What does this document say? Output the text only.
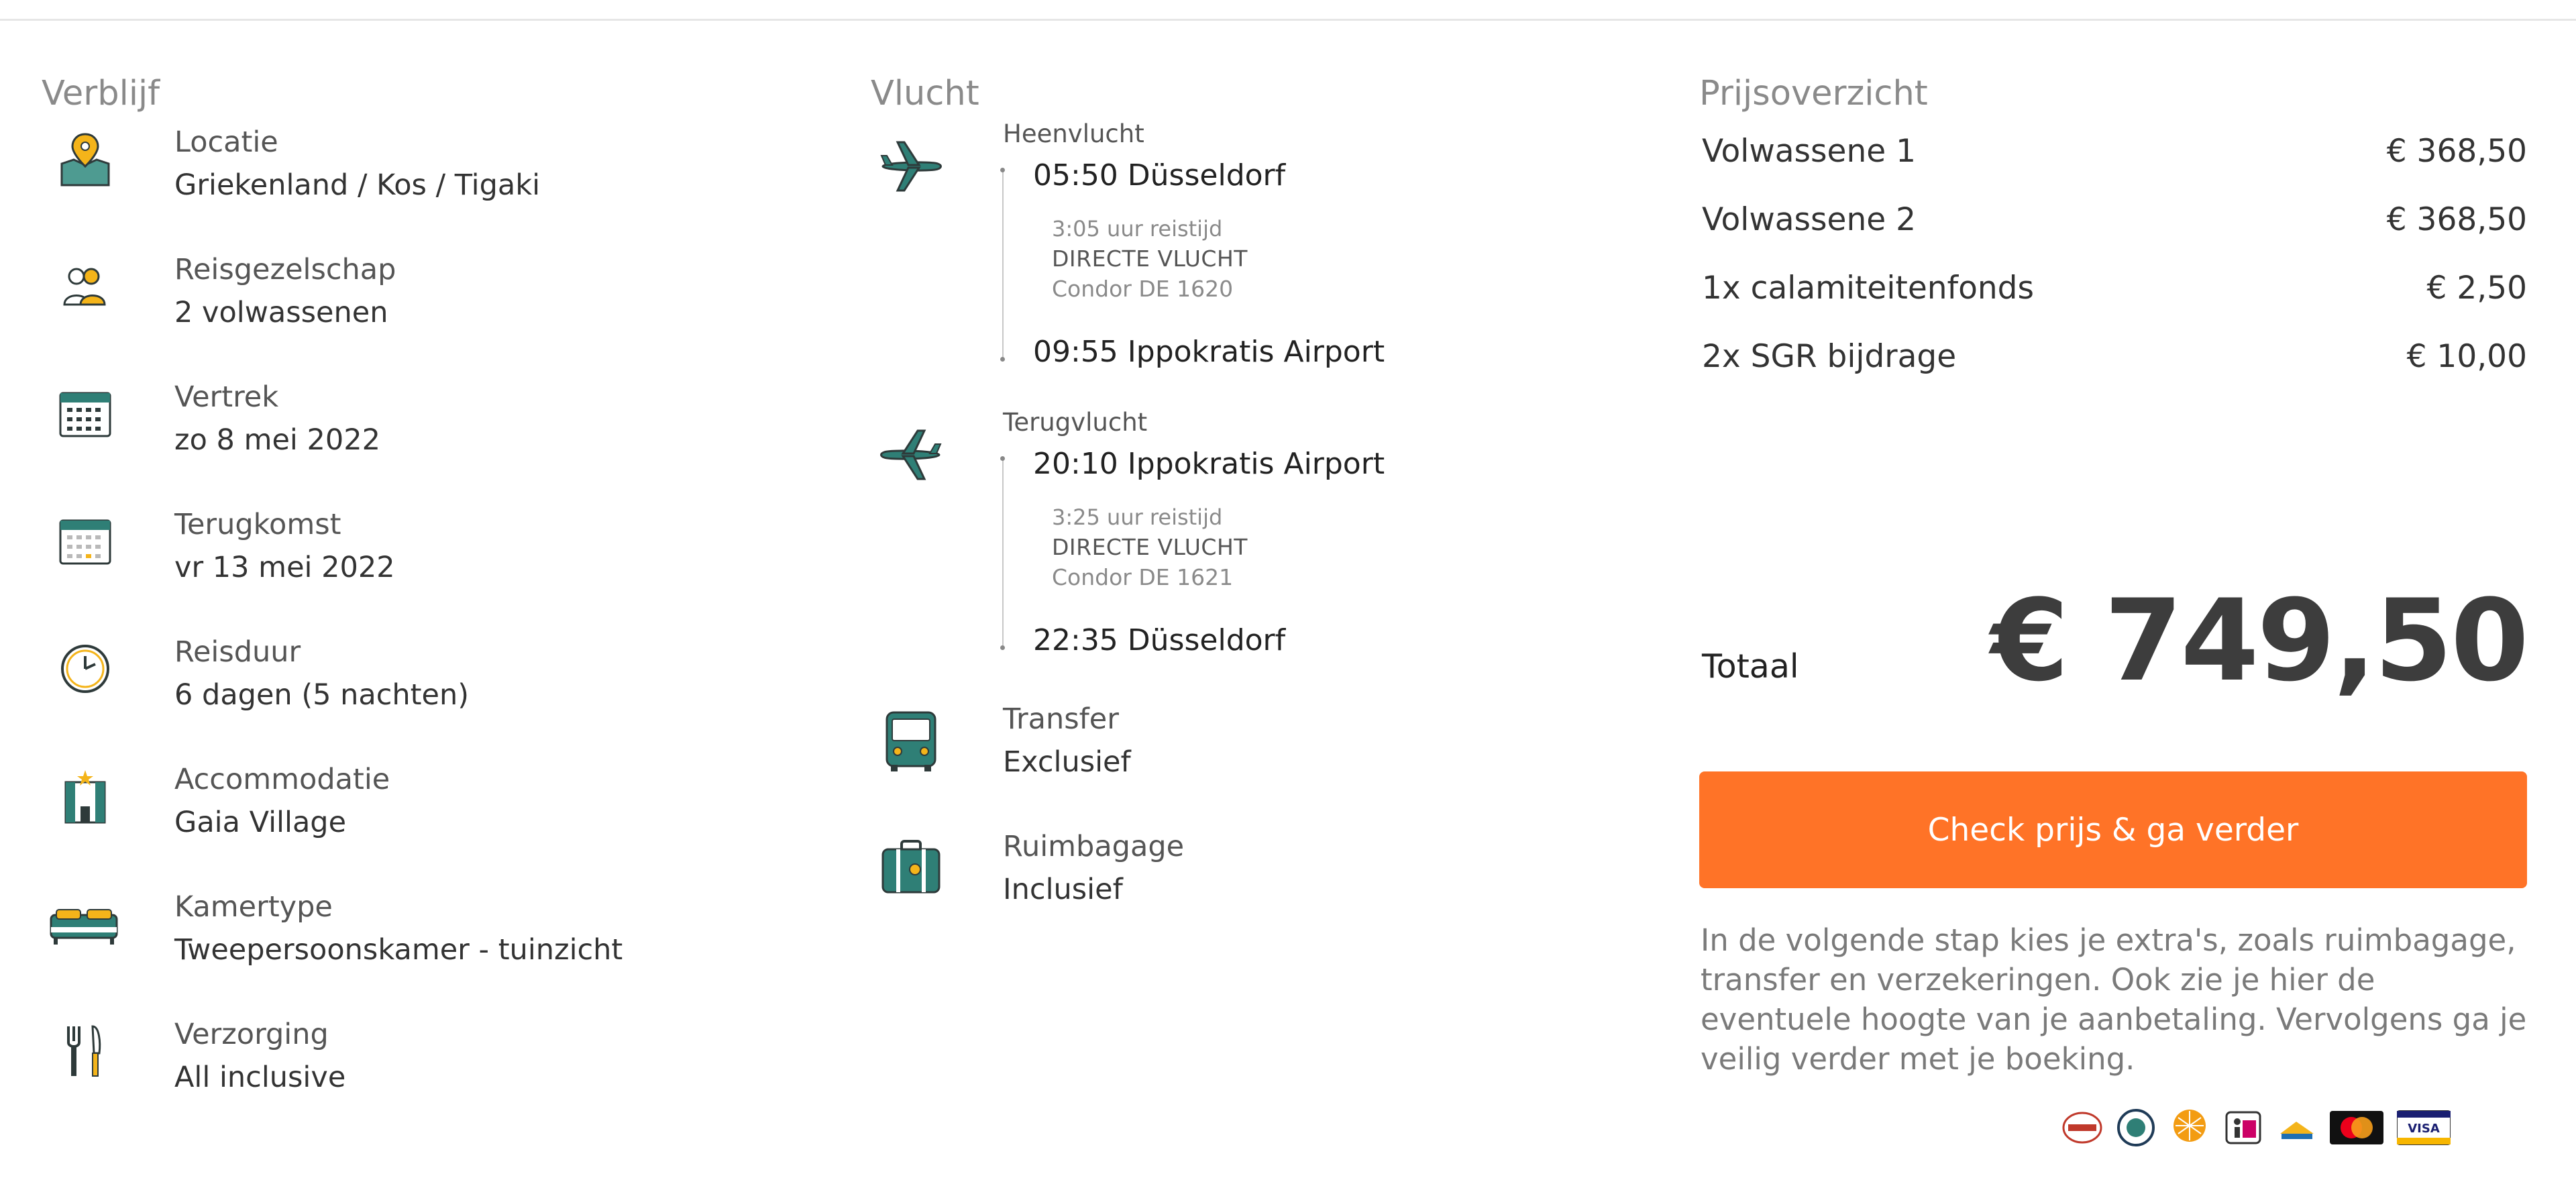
Verblijf
Locatie
Griekenland / Kos / Tigaki
Reisgezelschap
2 volwassenen
Vertrek
zo 8 mei 2022
Terugkomst
vr 13 mei 2022
Reisduur
6 dagen (5 nachten)
Accommodatie
Gaia Village
Kamertype
Tweepersoonskamer - tuinzicht
Verzorging
All inclusive
Vlucht
Heenvlucht
05:50 Düsseldorf
3:05 uur reistijd
DIRECTE VLUCHT
Condor DE 1620
09:55 Ippokratis Airport
Terugvlucht
20:10 Ippokratis Airport
3:25 uur reistijd
DIRECTE VLUCHT
Condor DE 1621
22:35 Düsseldorf
Transfer
Exclusief
Ruimbagage
Inclusief
Prijsoverzicht
Volwassene 1	€ 368,50
Volwassene 2	€ 368,50
1x calamiteitenfonds	€ 2,50
2x SGR bijdrage	€ 10,00
Totaal € 749,50
Check prijs & ga verder
In de volgende stap kies je extra's, zoals ruimbagage, transfer en verzekeringen. Ook zie je hier de eventuele hoogte van je aanbetaling. Vervolgens ga je veilig verder met je boeking.
VISA
